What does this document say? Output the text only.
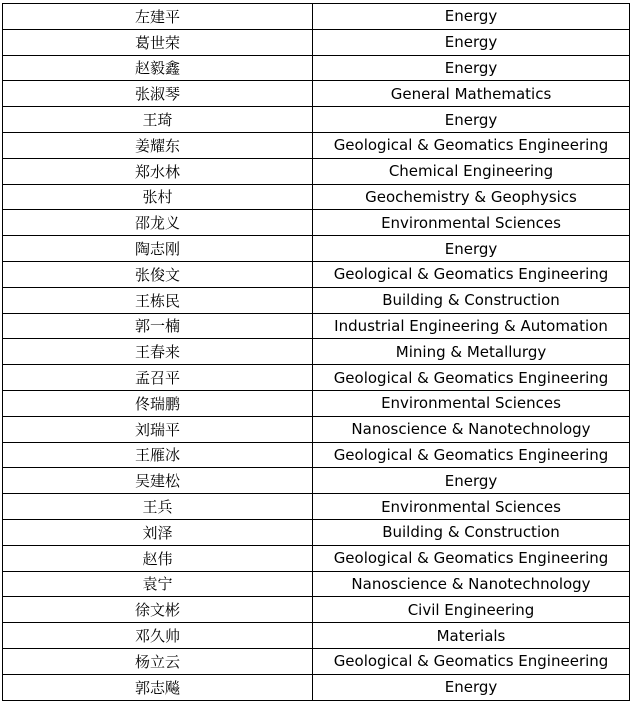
左建平	Energy
葛世荣	Energy
赵毅鑫	Energy
张淑琴	General Mathematics
王琦	Energy
姜耀东	Geological & Geomatics Engineering
郑水林	Chemical Engineering
张村	Geochemistry & Geophysics
邵龙义	Environmental Sciences
陶志刚	Energy
张俊文	Geological & Geomatics Engineering
王栋民	Building & Construction
郭一楠	Industrial Engineering & Automation
王春来	Mining & Metallurgy
孟召平	Geological & Geomatics Engineering
佟瑞鹏	Environmental Sciences
刘瑞平	Nanoscience & Nanotechnology
王雁冰	Geological & Geomatics Engineering
吴建松	Energy
王兵	Environmental Sciences
刘泽	Building & Construction
赵伟	Geological & Geomatics Engineering
袁宁	Nanoscience & Nanotechnology
徐文彬	Civil Engineering
邓久帅	Materials
杨立云	Geological & Geomatics Engineering
郭志飚	Energy
